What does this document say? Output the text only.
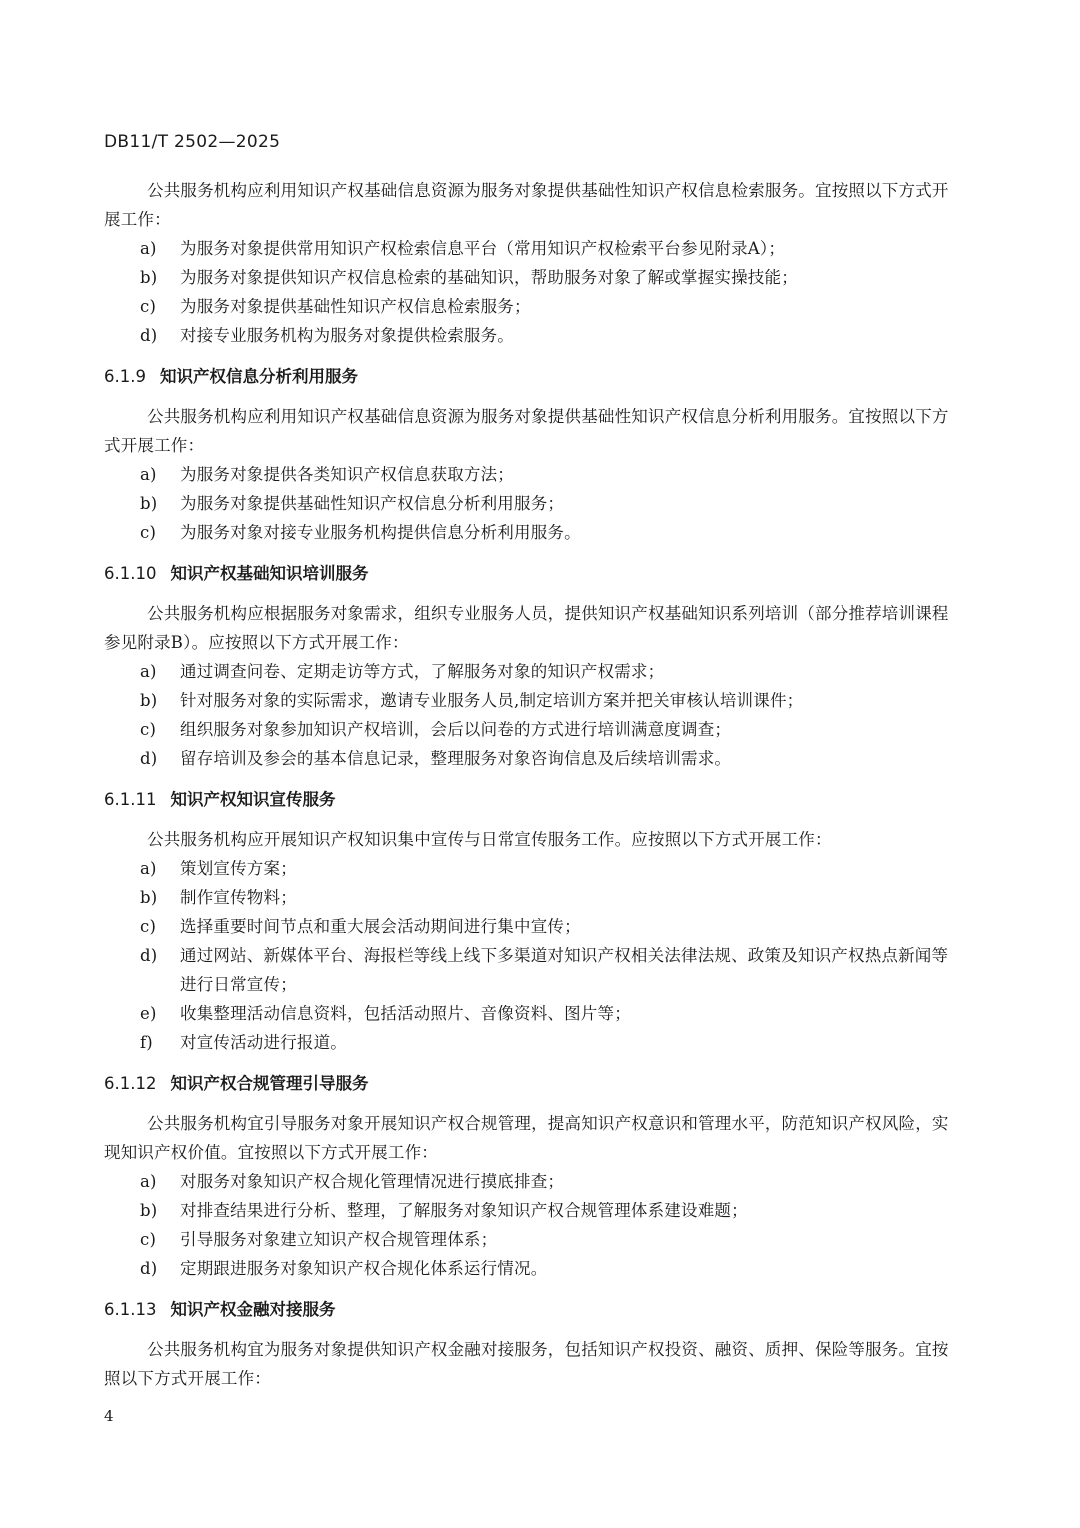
DB11/T 2502—2025

公共服务机构应利用知识产权基础信息资源为服务对象提供基础性知识产权信息检索服务。宜按照以下方式开展工作：

a) 为服务对象提供常用知识产权检索信息平台（常用知识产权检索平台参见附录A）；
b) 为服务对象提供知识产权信息检索的基础知识，帮助服务对象了解或掌握实操技能；
c) 为服务对象提供基础性知识产权信息检索服务；
d) 对接专业服务机构为服务对象提供检索服务。
6.1.9 知识产权信息分析利用服务

公共服务机构应利用知识产权基础信息资源为服务对象提供基础性知识产权信息分析利用服务。宜按照以下方式开展工作：

a) 为服务对象提供各类知识产权信息获取方法；
b) 为服务对象提供基础性知识产权信息分析利用服务；
c) 为服务对象对接专业服务机构提供信息分析利用服务。
6.1.10 知识产权基础知识培训服务

公共服务机构应根据服务对象需求，组织专业服务人员，提供知识产权基础知识系列培训（部分推荐培训课程参见附录B）。应按照以下方式开展工作：

a) 通过调查问卷、定期走访等方式，了解服务对象的知识产权需求；
b) 针对服务对象的实际需求，邀请专业服务人员,制定培训方案并把关审核认培训课件；
c) 组织服务对象参加知识产权培训，会后以问卷的方式进行培训满意度调查；
d) 留存培训及参会的基本信息记录，整理服务对象咨询信息及后续培训需求。
6.1.11 知识产权知识宣传服务

公共服务机构应开展知识产权知识集中宣传与日常宣传服务工作。应按照以下方式开展工作：

a) 策划宣传方案；
b) 制作宣传物料；
c) 选择重要时间节点和重大展会活动期间进行集中宣传；
d) 通过网站、新媒体平台、海报栏等线上线下多渠道对知识产权相关法律法规、政策及知识产权热点新闻等进行日常宣传；
e) 收集整理活动信息资料，包括活动照片、音像资料、图片等；
f) 对宣传活动进行报道。
6.1.12 知识产权合规管理引导服务

公共服务机构宜引导服务对象开展知识产权合规管理，提高知识产权意识和管理水平，防范知识产权风险，实现知识产权价值。宜按照以下方式开展工作：

a) 对服务对象知识产权合规化管理情况进行摸底排查；
b) 对排查结果进行分析、整理，了解服务对象知识产权合规管理体系建设难题；
c) 引导服务对象建立知识产权合规管理体系；
d) 定期跟进服务对象知识产权合规化体系运行情况。
6.1.13 知识产权金融对接服务

公共服务机构宜为服务对象提供知识产权金融对接服务，包括知识产权投资、融资、质押、保险等服务。宜按照以下方式开展工作：

4
